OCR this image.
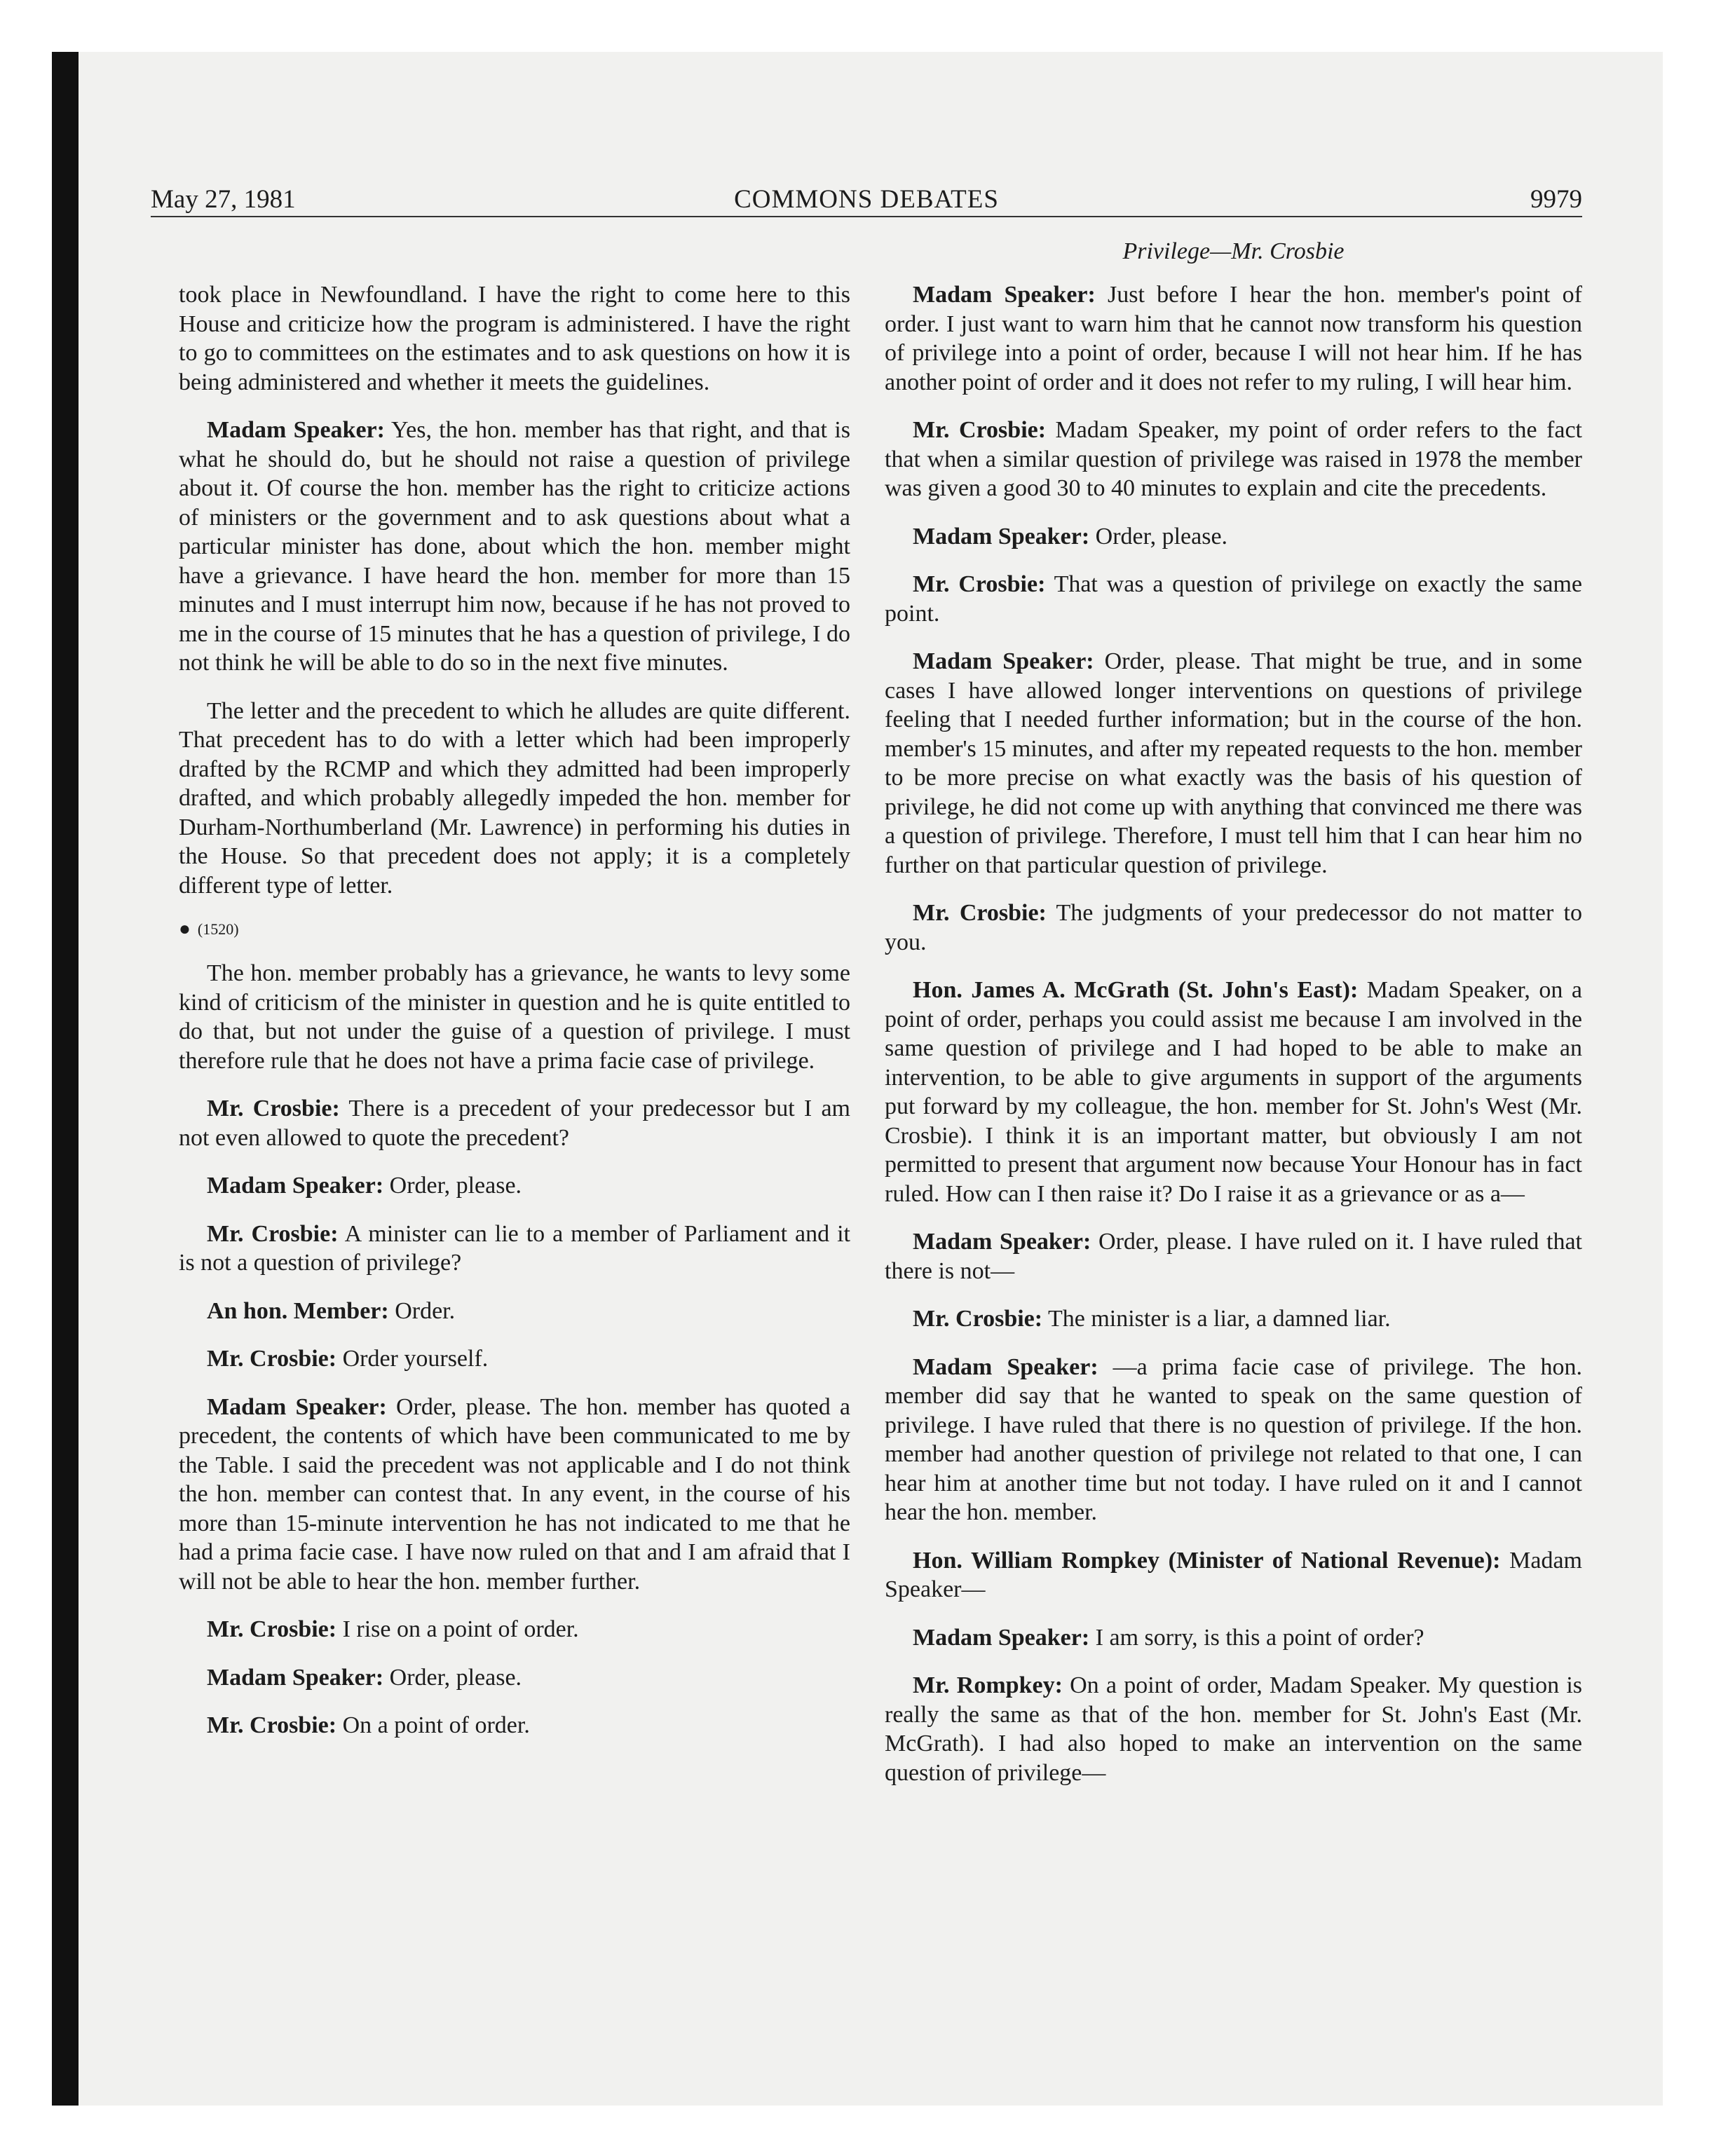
May 27, 1981	COMMONS DEBATES	9979
Privilege—Mr. Crosbie

took place in Newfoundland. I have the right to come here to this House and criticize how the program is administered. I have the right to go to committees on the estimates and to ask questions on how it is being administered and whether it meets the guidelines.

Madam Speaker: Yes, the hon. member has that right, and that is what he should do, but he should not raise a question of privilege about it. Of course the hon. member has the right to criticize actions of ministers or the government and to ask questions about what a particular minister has done, about which the hon. member might have a grievance. I have heard the hon. member for more than 15 minutes and I must interrupt him now, because if he has not proved to me in the course of 15 minutes that he has a question of privilege, I do not think he will be able to do so in the next five minutes.

The letter and the precedent to which he alludes are quite different. That precedent has to do with a letter which had been improperly drafted by the RCMP and which they admitted had been improperly drafted, and which probably allegedly impeded the hon. member for Durham-Northumberland (Mr. Lawrence) in performing his duties in the House. So that precedent does not apply; it is a completely different type of letter.

● (1520)

The hon. member probably has a grievance, he wants to levy some kind of criticism of the minister in question and he is quite entitled to do that, but not under the guise of a question of privilege. I must therefore rule that he does not have a prima facie case of privilege.

Mr. Crosbie: There is a precedent of your predecessor but I am not even allowed to quote the precedent?

Madam Speaker: Order, please.

Mr. Crosbie: A minister can lie to a member of Parliament and it is not a question of privilege?

An hon. Member: Order.

Mr. Crosbie: Order yourself.

Madam Speaker: Order, please. The hon. member has quoted a precedent, the contents of which have been communicated to me by the Table. I said the precedent was not applicable and I do not think the hon. member can contest that. In any event, in the course of his more than 15-minute intervention he has not indicated to me that he had a prima facie case. I have now ruled on that and I am afraid that I will not be able to hear the hon. member further.

Mr. Crosbie: I rise on a point of order.

Madam Speaker: Order, please.

Mr. Crosbie: On a point of order.

Madam Speaker: Just before I hear the hon. member's point of order. I just want to warn him that he cannot now transform his question of privilege into a point of order, because I will not hear him. If he has another point of order and it does not refer to my ruling, I will hear him.

Mr. Crosbie: Madam Speaker, my point of order refers to the fact that when a similar question of privilege was raised in 1978 the member was given a good 30 to 40 minutes to explain and cite the precedents.

Madam Speaker: Order, please.

Mr. Crosbie: That was a question of privilege on exactly the same point.

Madam Speaker: Order, please. That might be true, and in some cases I have allowed longer interventions on questions of privilege feeling that I needed further information; but in the course of the hon. member's 15 minutes, and after my repeated requests to the hon. member to be more precise on what exactly was the basis of his question of privilege, he did not come up with anything that convinced me there was a question of privilege. Therefore, I must tell him that I can hear him no further on that particular question of privilege.

Mr. Crosbie: The judgments of your predecessor do not matter to you.

Hon. James A. McGrath (St. John's East): Madam Speaker, on a point of order, perhaps you could assist me because I am involved in the same question of privilege and I had hoped to be able to make an intervention, to be able to give arguments in support of the arguments put forward by my colleague, the hon. member for St. John's West (Mr. Crosbie). I think it is an important matter, but obviously I am not permitted to present that argument now because Your Honour has in fact ruled. How can I then raise it? Do I raise it as a grievance or as a—

Madam Speaker: Order, please. I have ruled on it. I have ruled that there is not—

Mr. Crosbie: The minister is a liar, a damned liar.

Madam Speaker: —a prima facie case of privilege. The hon. member did say that he wanted to speak on the same question of privilege. I have ruled that there is no question of privilege. If the hon. member had another question of privilege not related to that one, I can hear him at another time but not today. I have ruled on it and I cannot hear the hon. member.

Hon. William Rompkey (Minister of National Revenue): Madam Speaker—

Madam Speaker: I am sorry, is this a point of order?

Mr. Rompkey: On a point of order, Madam Speaker. My question is really the same as that of the hon. member for St. John's East (Mr. McGrath). I had also hoped to make an intervention on the same question of privilege—
